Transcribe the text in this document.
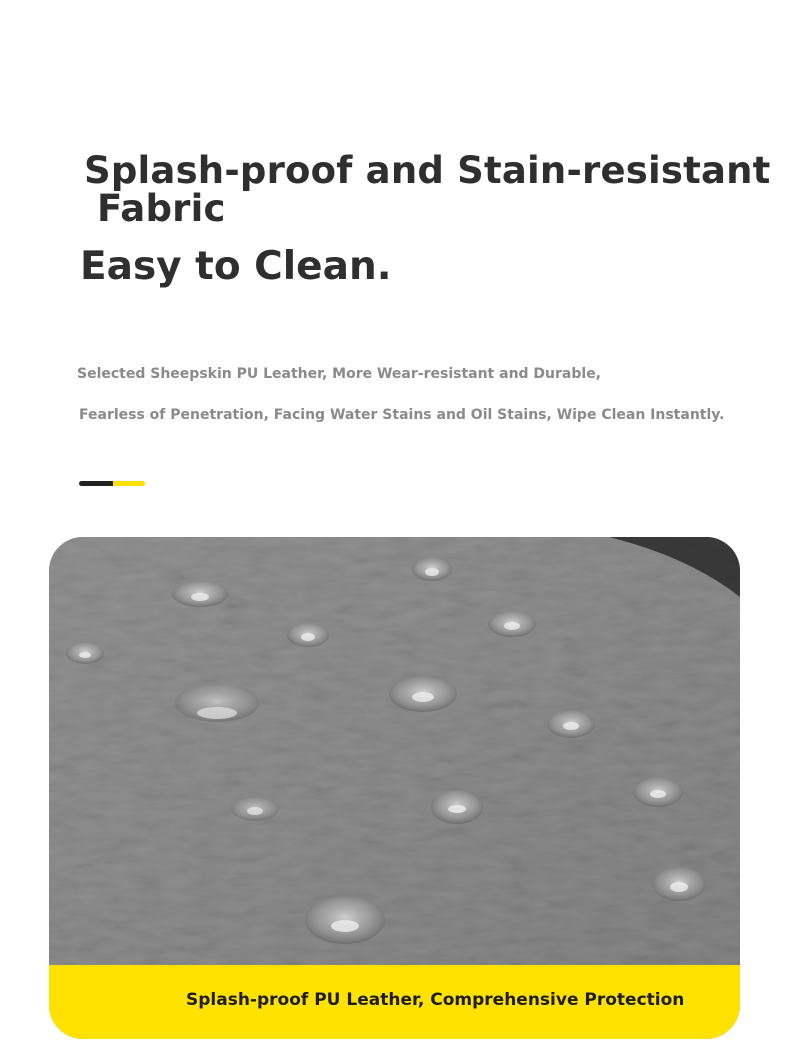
Splash-proof and Stain-resistant
Fabric
Easy to Clean.

Selected Sheepskin PU Leather, More Wear-resistant and Durable,

Fearless of Penetration, Facing Water Stains and Oil Stains, Wipe Clean Instantly.

Splash-proof PU Leather, Comprehensive Protection
